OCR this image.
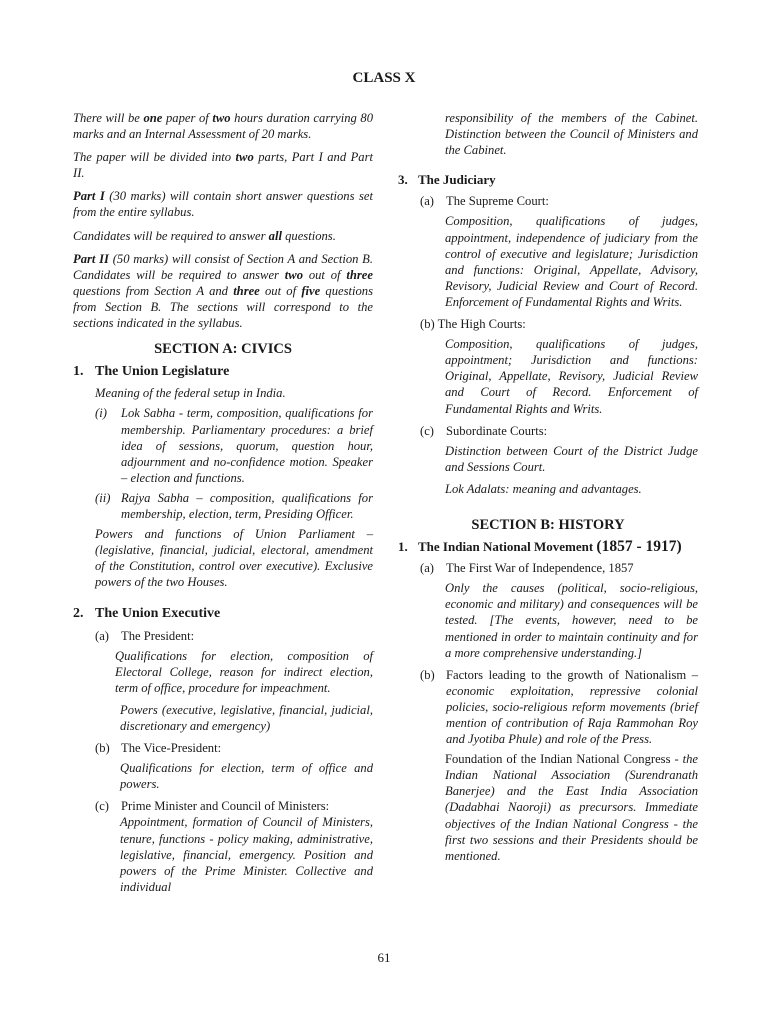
CLASS X

There will be one paper of two hours duration carrying 80 marks and an Internal Assessment of 20 marks.

The paper will be divided into two parts, Part I and Part II.

Part I (30 marks) will contain short answer questions set from the entire syllabus.

Candidates will be required to answer all questions.

Part II (50 marks) will consist of Section A and Section B. Candidates will be required to answer two out of three questions from Section A and three out of five questions from Section B. The sections will correspond to the sections indicated in the syllabus.

SECTION A: CIVICS
1. The Union Legislature
Meaning of the federal setup in India.
(i) Lok Sabha - term, composition, qualifications for membership. Parliamentary procedures: a brief idea of sessions, quorum, question hour, adjournment and no-confidence motion. Speaker – election and functions.
(ii) Rajya Sabha – composition, qualifications for membership, election, term, Presiding Officer.
Powers and functions of Union Parliament – (legislative, financial, judicial, electoral, amendment of the Constitution, control over executive). Exclusive powers of the two Houses.
2. The Union Executive
(a) The President:
Qualifications for election, composition of Electoral College, reason for indirect election, term of office, procedure for impeachment.
Powers (executive, legislative, financial, judicial, discretionary and emergency)
(b) The Vice-President:
Qualifications for election, term of office and powers.
(c) Prime Minister and Council of Ministers:
Appointment, formation of Council of Ministers, tenure, functions - policy making, administrative, legislative, financial, emergency. Position and powers of the Prime Minister. Collective and individual
responsibility of the members of the Cabinet. Distinction between the Council of Ministers and the Cabinet.
3. The Judiciary
(a) The Supreme Court:
Composition, qualifications of judges, appointment, independence of judiciary from the control of executive and legislature; Jurisdiction and functions: Original, Appellate, Advisory, Revisory, Judicial Review and Court of Record. Enforcement of Fundamental Rights and Writs.
(b) The High Courts:
Composition, qualifications of judges, appointment; Jurisdiction and functions: Original, Appellate, Revisory, Judicial Review and Court of Record. Enforcement of Fundamental Rights and Writs.
(c) Subordinate Courts:
Distinction between Court of the District Judge and Sessions Court.
Lok Adalats: meaning and advantages.
SECTION B: HISTORY
1. The Indian National Movement (1857 - 1917)
(a) The First War of Independence, 1857
Only the causes (political, socio-religious, economic and military) and consequences will be tested. [The events, however, need to be mentioned in order to maintain continuity and for a more comprehensive understanding.]
(b) Factors leading to the growth of Nationalism – economic exploitation, repressive colonial policies, socio-religious reform movements (brief mention of contribution of Raja Rammohan Roy and Jyotiba Phule) and role of the Press.
Foundation of the Indian National Congress - the Indian National Association (Surendranath Banerjee) and the East India Association (Dadabhai Naoroji) as precursors. Immediate objectives of the Indian National Congress - the first two sessions and their Presidents should be mentioned.
61
